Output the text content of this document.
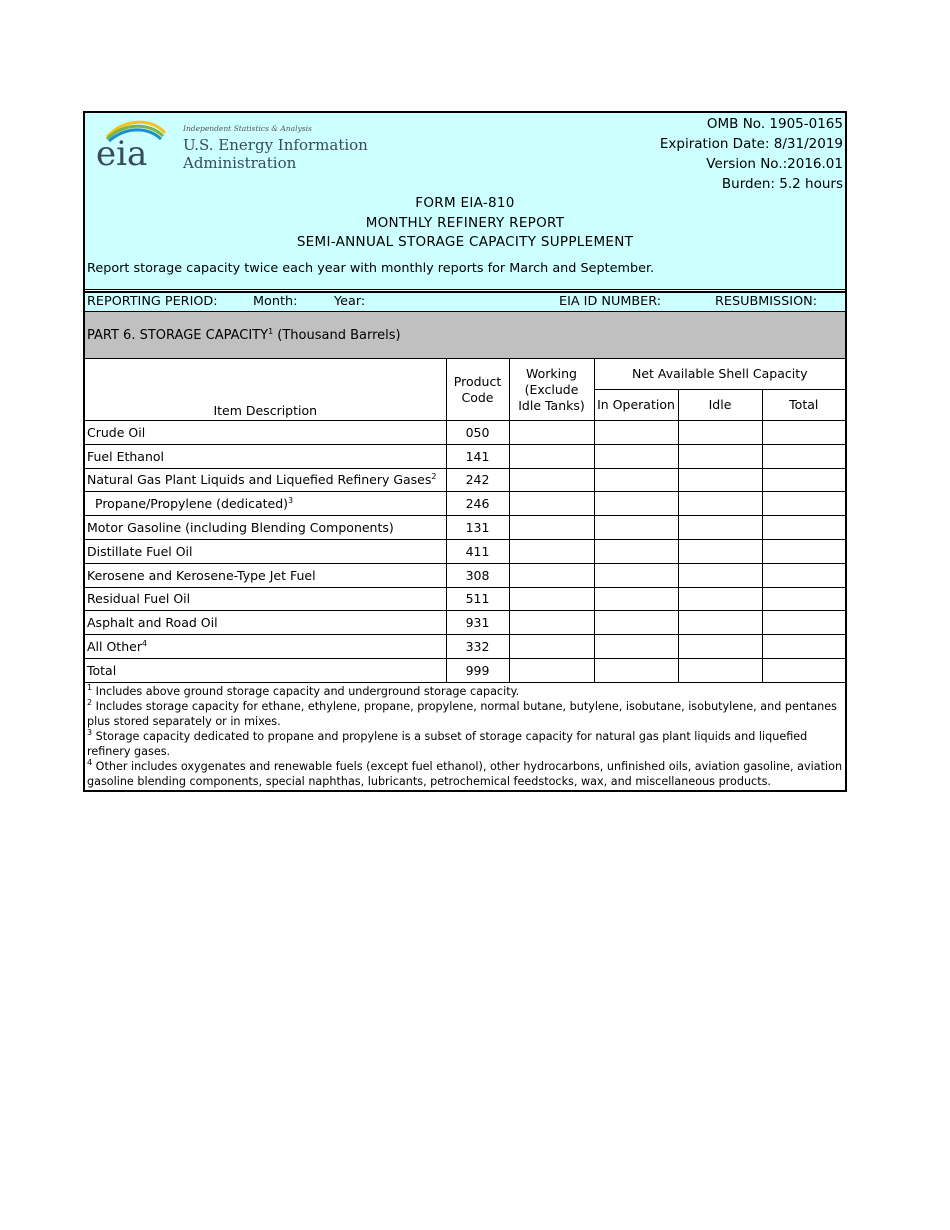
eia
Independent Statistics & Analysis
U.S. Energy Information
Administration
OMB No. 1905-0165
Expiration Date: 8/31/2019
Version No.:2016.01
Burden: 5.2 hours
FORM EIA-810
MONTHLY REFINERY REPORT
SEMI-ANNUAL STORAGE CAPACITY SUPPLEMENT
Report storage capacity twice each year with monthly reports for March and September.
REPORTING PERIOD:	Month:	Year:	EIA ID NUMBER:	RESUBMISSION:
PART 6. STORAGE CAPACITY$^1$ (Thousand Barrels)
Item Description	Product Code	Working (Exclude Idle Tanks)	Net Available Shell Capacity		
			In Operation	Idle	Total
Crude Oil	050				
Fuel Ethanol	141				
Natural Gas Plant Liquids and Liquefied Refinery Gases$^2$	242				
Propane/Propylene (dedicated)$^3$	246				
Motor Gasoline (including Blending Components)	131				
Distillate Fuel Oil	411				
Kerosene and Kerosene-Type Jet Fuel	308				
Residual Fuel Oil	511				
Asphalt and Road Oil	931				
All Other$^4$	332				
Total	999				
$^1$ Includes above ground storage capacity and underground storage capacity.
$^2$ Includes storage capacity for ethane, ethylene, propane, propylene, normal butane, butylene, isobutane, isobutylene, and pentanes plus stored separately or in mixes.
$^3$ Storage capacity dedicated to propane and propylene is a subset of storage capacity for natural gas plant liquids and liquefied refinery gases.
$^4$ Other includes oxygenates and renewable fuels (except fuel ethanol), other hydrocarbons, unfinished oils, aviation gasoline, aviation gasoline blending components, special naphthas, lubricants, petrochemical feedstocks, wax, and miscellaneous products.
